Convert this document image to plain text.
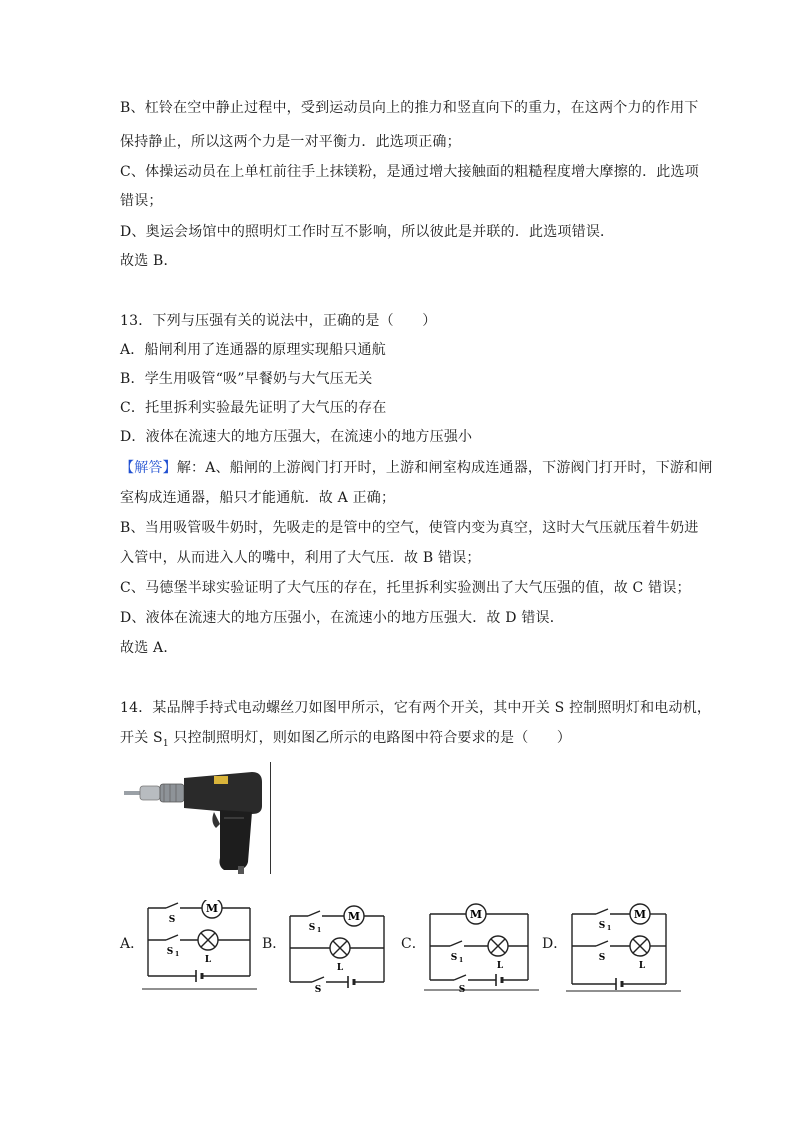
B、杠铃在空中静止过程中，受到运动员向上的推力和竖直向下的重力，在这两个力的作用下
保持静止，所以这两个力是一对平衡力．此选项正确；
C、体操运动员在上单杠前往手上抹镁粉，是通过增大接触面的粗糙程度增大摩擦的．此选项
错误；
D、奥运会场馆中的照明灯工作时互不影响，所以彼此是并联的．此选项错误．
故选 B．
13．下列与压强有关的说法中，正确的是（　　）
A．船闸利用了连通器的原理实现船只通航
B．学生用吸管“吸”早餐奶与大气压无关
C．托里拆利实验最先证明了大气压的存在
D．液体在流速大的地方压强大，在流速小的地方压强小
【解答】解：A、船闸的上游阀门打开时，上游和闸室构成连通器，下游阀门打开时，下游和闸
室构成连通器，船只才能通航．故 A 正确；
B、当用吸管吸牛奶时，先吸走的是管中的空气，使管内变为真空，这时大气压就压着牛奶进
入管中，从而进入人的嘴中，利用了大气压．故 B 错误；
C、马德堡半球实验证明了大气压的存在，托里拆利实验测出了大气压强的值，故 C 错误；
D、液体在流速大的地方压强小，在流速小的地方压强大．故 D 错误．
故选 A．
14．某品牌手持式电动螺丝刀如图甲所示，它有两个开关，其中开关 S 控制照明灯和电动机，
开关 $S_1$ 只控制照明灯，则如图乙所示的电路图中符合要求的是（　　）
A．	B．	C．	D．
M
S
S 1
L
M
S 1
L
S
M
S 1
L
S
M
S 1
S
L
